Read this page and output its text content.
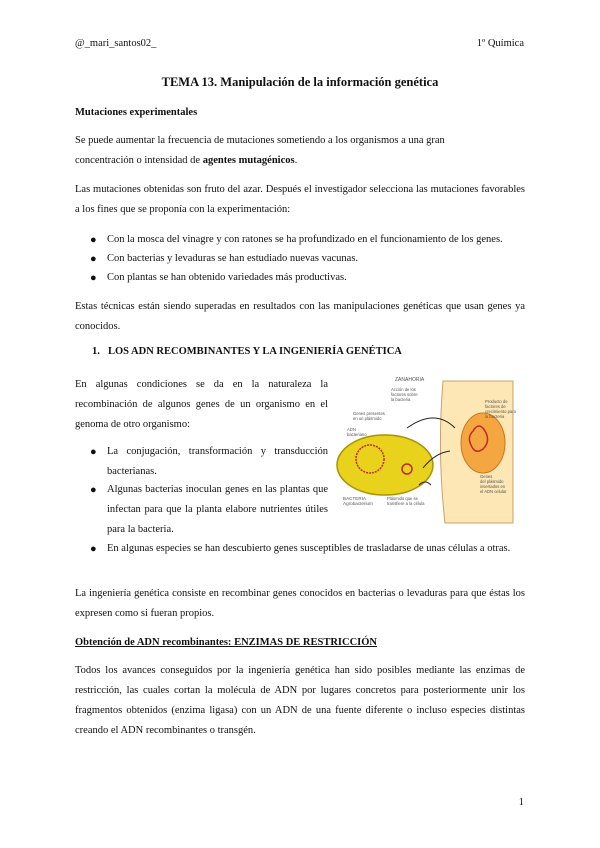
@_mari_santos02_	1º Química
TEMA 13. Manipulación de la información genética
Mutaciones experimentales
Se puede aumentar la frecuencia de mutaciones sometiendo a los organismos a una gran
concentración o intensidad de agentes mutagénicos.
Las mutaciones obtenidas son fruto del azar. Después el investigador selecciona las mutaciones favorables a los fines que se proponía con la experimentación:
● Con la mosca del vinagre y con ratones se ha profundizado en el funcionamiento de los genes.
● Con bacterias y levaduras se han estudiado nuevas vacunas.
● Con plantas se han obtenido variedades más productivas.
Estas técnicas están siendo superadas en resultados con las manipulaciones genéticas que usan genes ya conocidos.
1. LOS ADN RECOMBINANTES Y LA INGENIERÍA GENÉTICA
En algunas condiciones se da en la naturaleza la recombinación de algunos genes de un organismo en el genoma de otro organismo:
● La conjugación, transformación y transducción bacterianas.
● Algunas bacterias inoculan genes en las plantas que infectan para que la planta elabore nutrientes útiles para la bacteria.
● En algunas especies se han descubierto genes susceptibles de trasladarse de unas células a otras.
ZANAHORIA
Acción de los
factores sobre
la bacteria	Producto de
factores de
crecimiento para
la bacteria
Genes presentes
en un plásmido
ADN
bacteriano
Genes
del plásmido
insertados en
el ADN celular
BACTERIA
Agrobacterium
Plásmido que se
transfiere a la célula
La ingeniería genética consiste en recombinar genes conocidos en bacterias o levaduras para que éstas los expresen como si fueran propios.
Obtención de ADN recombinantes: ENZIMAS DE RESTRICCIÓN
Todos los avances conseguidos por la ingeniería genética han sido posibles mediante las enzimas de restricción, las cuales cortan la molécula de ADN por lugares concretos para posteriormente unir los fragmentos obtenidos (enzima ligasa) con un ADN de una fuente diferente o incluso especies distintas creando el ADN recombinantes o transgén.
1
